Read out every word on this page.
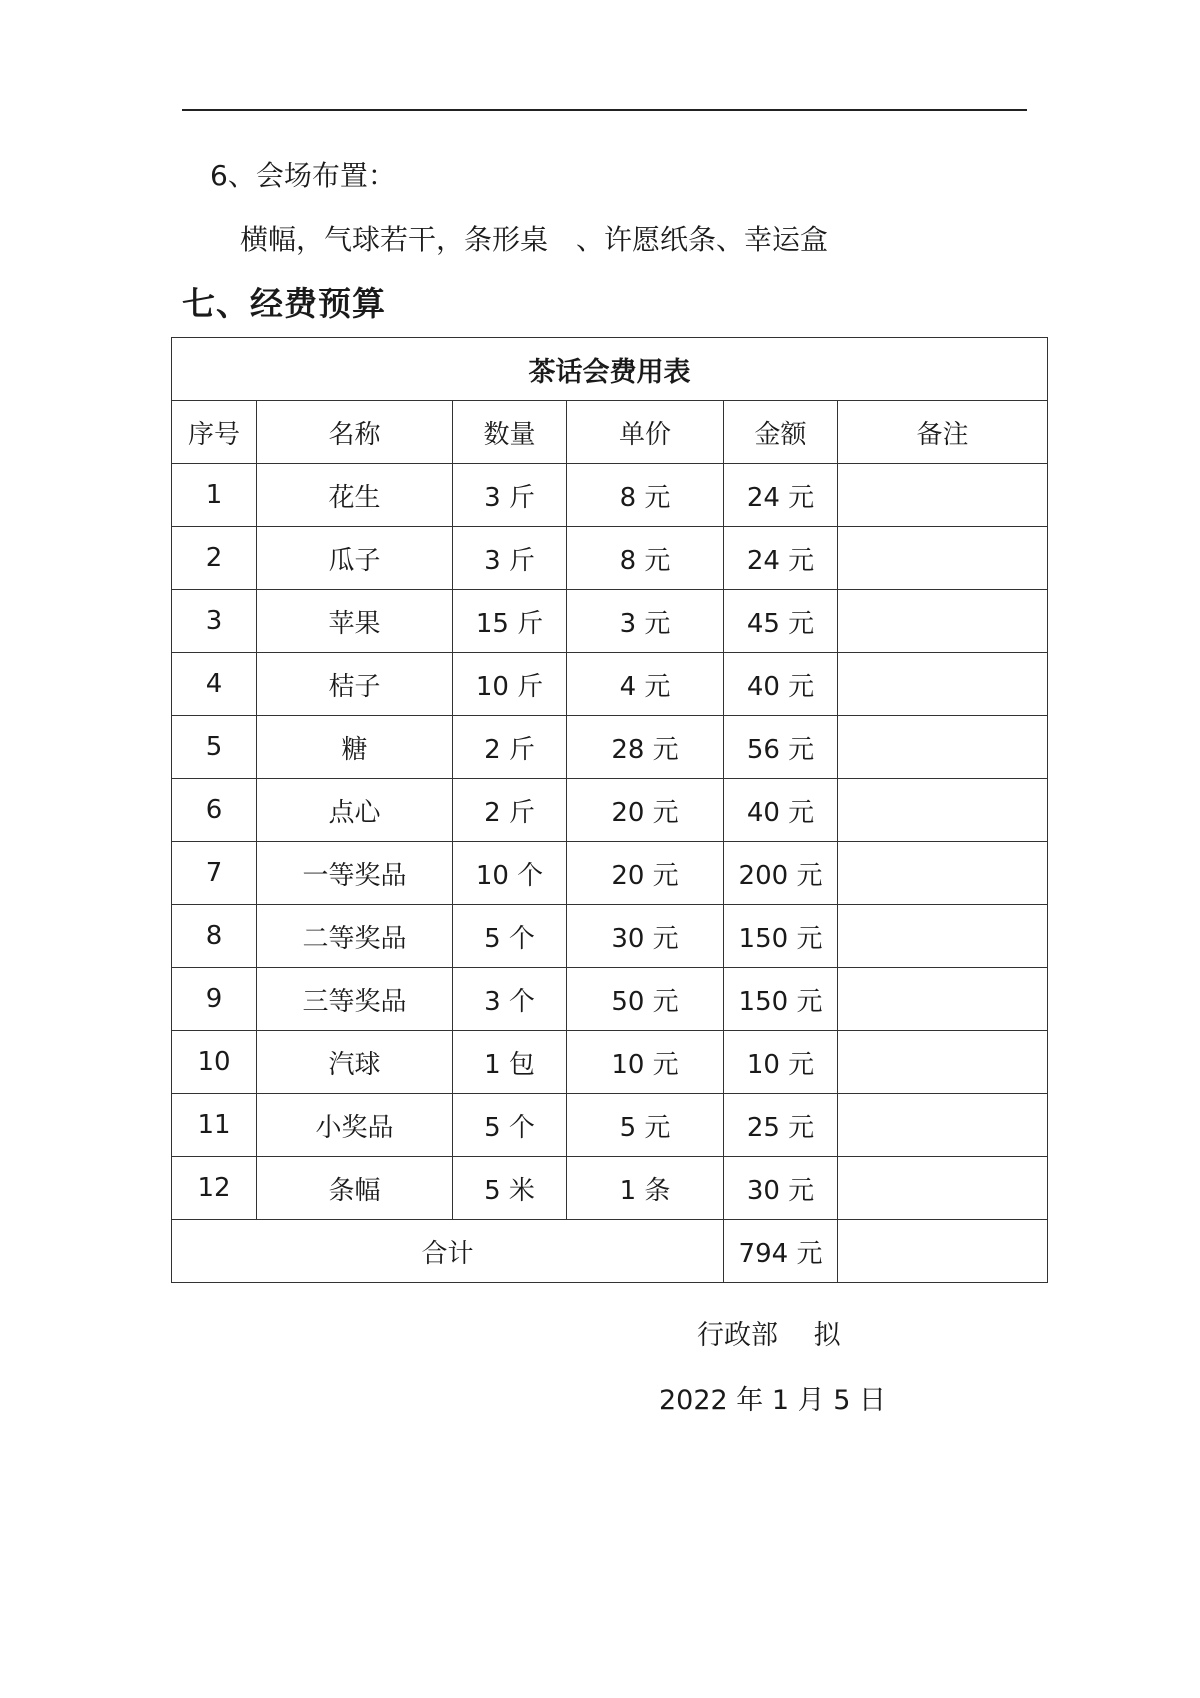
6、会场布置：
横幅，气球若干，条形桌　、许愿纸条、幸运盒
七、经费预算
茶话会费用表					
序号	名称	数量	单价	金额	备注
1	花生	3 斤	8 元	24 元	
2	瓜子	3 斤	8 元	24 元	
3	苹果	15 斤	3 元	45 元	
4	桔子	10 斤	4 元	40 元	
5	糖	2 斤	28 元	56 元	
6	点心	2 斤	20 元	40 元	
7	一等奖品	10 个	20 元	200 元	
8	二等奖品	5 个	30 元	150 元	
9	三等奖品	3 个	50 元	150 元	
10	汽球	1 包	10 元	10 元	
11	小奖品	5 个	5 元	25 元	
12	条幅	5 米	1 条	30 元	
合计				794 元	
行政部　 拟
2022 年 1 月 5 日
